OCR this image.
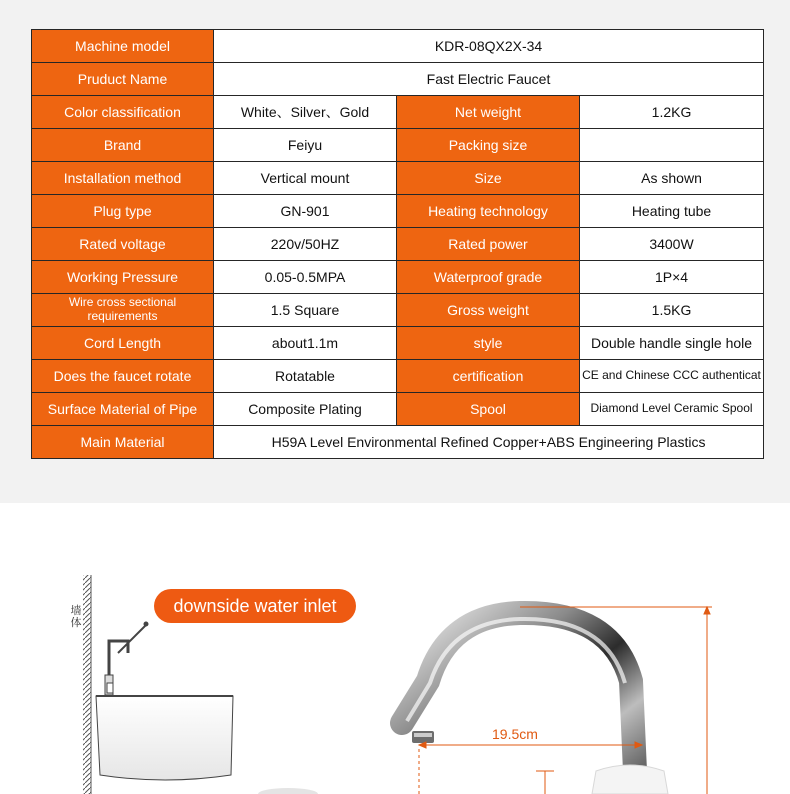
Machine model	KDR-08QX2X-34		
Pruduct Name	Fast Electric Faucet		
Color classification	White、Silver、Gold	Net weight	1.2KG
Brand	Feiyu	Packing size	
Installation method	Vertical mount	Size	As shown
Plug type	GN-901	Heating technology	Heating tube
Rated voltage	220v/50HZ	Rated power	3400W
Working Pressure	0.05-0.5MPA	Waterproof grade	1P×4
Wire cross sectional requirements	1.5 Square	Gross weight	1.5KG
Cord Length	about1.1m	style	Double handle single hole
Does the faucet rotate	Rotatable	certification	CE and Chinese CCC authenticat
Surface Material of Pipe	Composite Plating	Spool	Diamond Level Ceramic Spool
Main Material	H59A Level Environmental Refined Copper+ABS Engineering Plastics		
墙体
downside water inlet
19.5cm
